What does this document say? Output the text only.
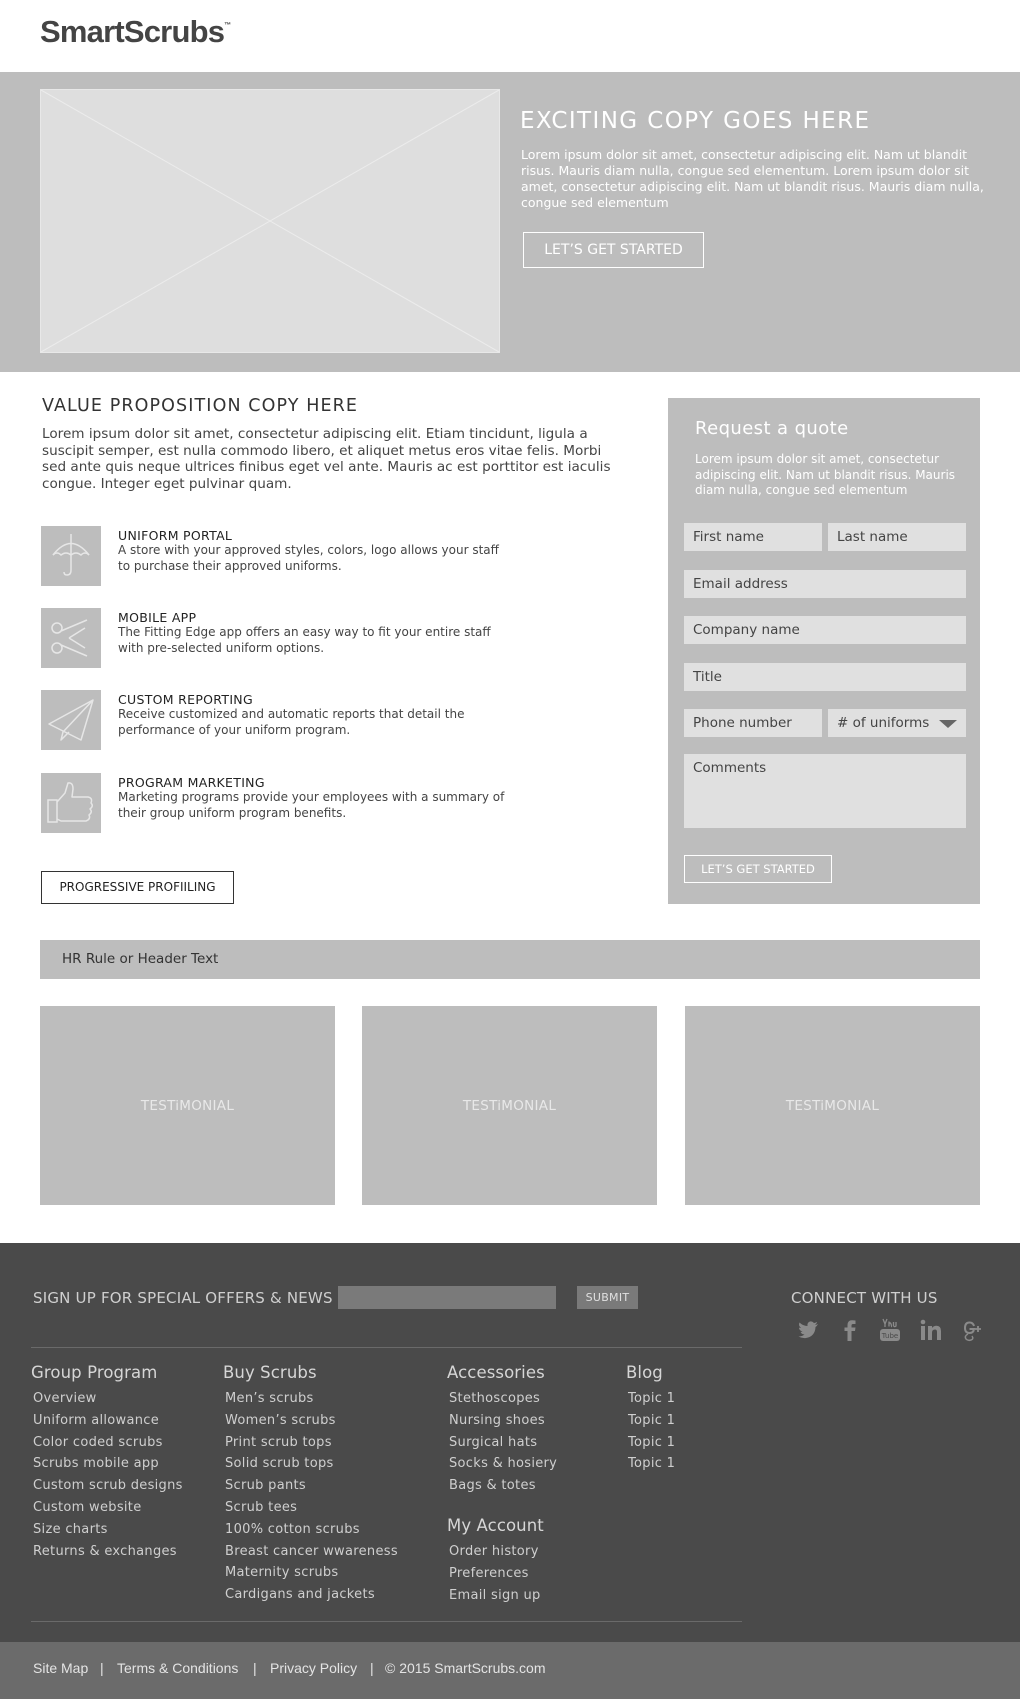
SmartScrubs™
EXCITING COPY GOES HERE
Lorem ipsum dolor sit amet, consectetur adipiscing elit. Nam ut blandit risus. Mauris diam nulla, congue sed elementum. Lorem ipsum dolor sit amet, consectetur adipiscing elit. Nam ut blandit risus. Mauris diam nulla, congue sed elementum
LET’S GET STARTED
VALUE PROPOSITION COPY HERE
Lorem ipsum dolor sit amet, consectetur adipiscing elit. Etiam tincidunt, ligula a suscipit semper, est nulla commodo libero, et aliquet metus eros vitae felis. Morbi sed ante quis neque ultrices finibus eget vel ante. Mauris ac est porttitor est iaculis congue. Integer eget pulvinar quam.
UNIFORM PORTAL
A store with your approved styles, colors, logo allows your staff to purchase their approved uniforms.
MOBILE APP
The Fitting Edge app offers an easy way to fit your entire staff with pre-selected uniform options.
CUSTOM REPORTING
Receive customized and automatic reports that detail the performance of your uniform program.
PROGRAM MARKETING
Marketing programs provide your employees with a summary of their group uniform program benefits.
PROGRESSIVE PROFIILING
Request a quote
Lorem ipsum dolor sit amet, consectetur adipiscing elit. Nam ut blandit risus. Mauris diam nulla, congue sed elementum
First name	Last name
Email address
Company name
Title
Phone number	# of uniforms
Comments
LET’S GET STARTED
HR Rule or Header Text
TESTiMONIAL	TESTiMONIAL	TESTiMONIAL
SIGN UP FOR SPECIAL OFFERS & NEWS	SUBMIT	CONNECT WITH US
Tube
Group Program
Overview
Uniform allowance
Color coded scrubs
Scrubs mobile app
Custom scrub designs
Custom website
Size charts
Returns & exchanges
Buy Scrubs
Men’s scrubs
Women’s scrubs
Print scrub tops
Solid scrub tops
Scrub pants
Scrub tees
100% cotton scrubs
Breast cancer wwareness
Maternity scrubs
Cardigans and jackets
Accessories
Stethoscopes
Nursing shoes
Surgical hats
Socks & hosiery
Bags & totes
My Account
Order history
Preferences
Email sign up
Blog
Topic 1
Topic 1
Topic 1
Topic 1
Site Map | Terms & Conditions | Privacy Policy | © 2015 SmartScrubs.com
